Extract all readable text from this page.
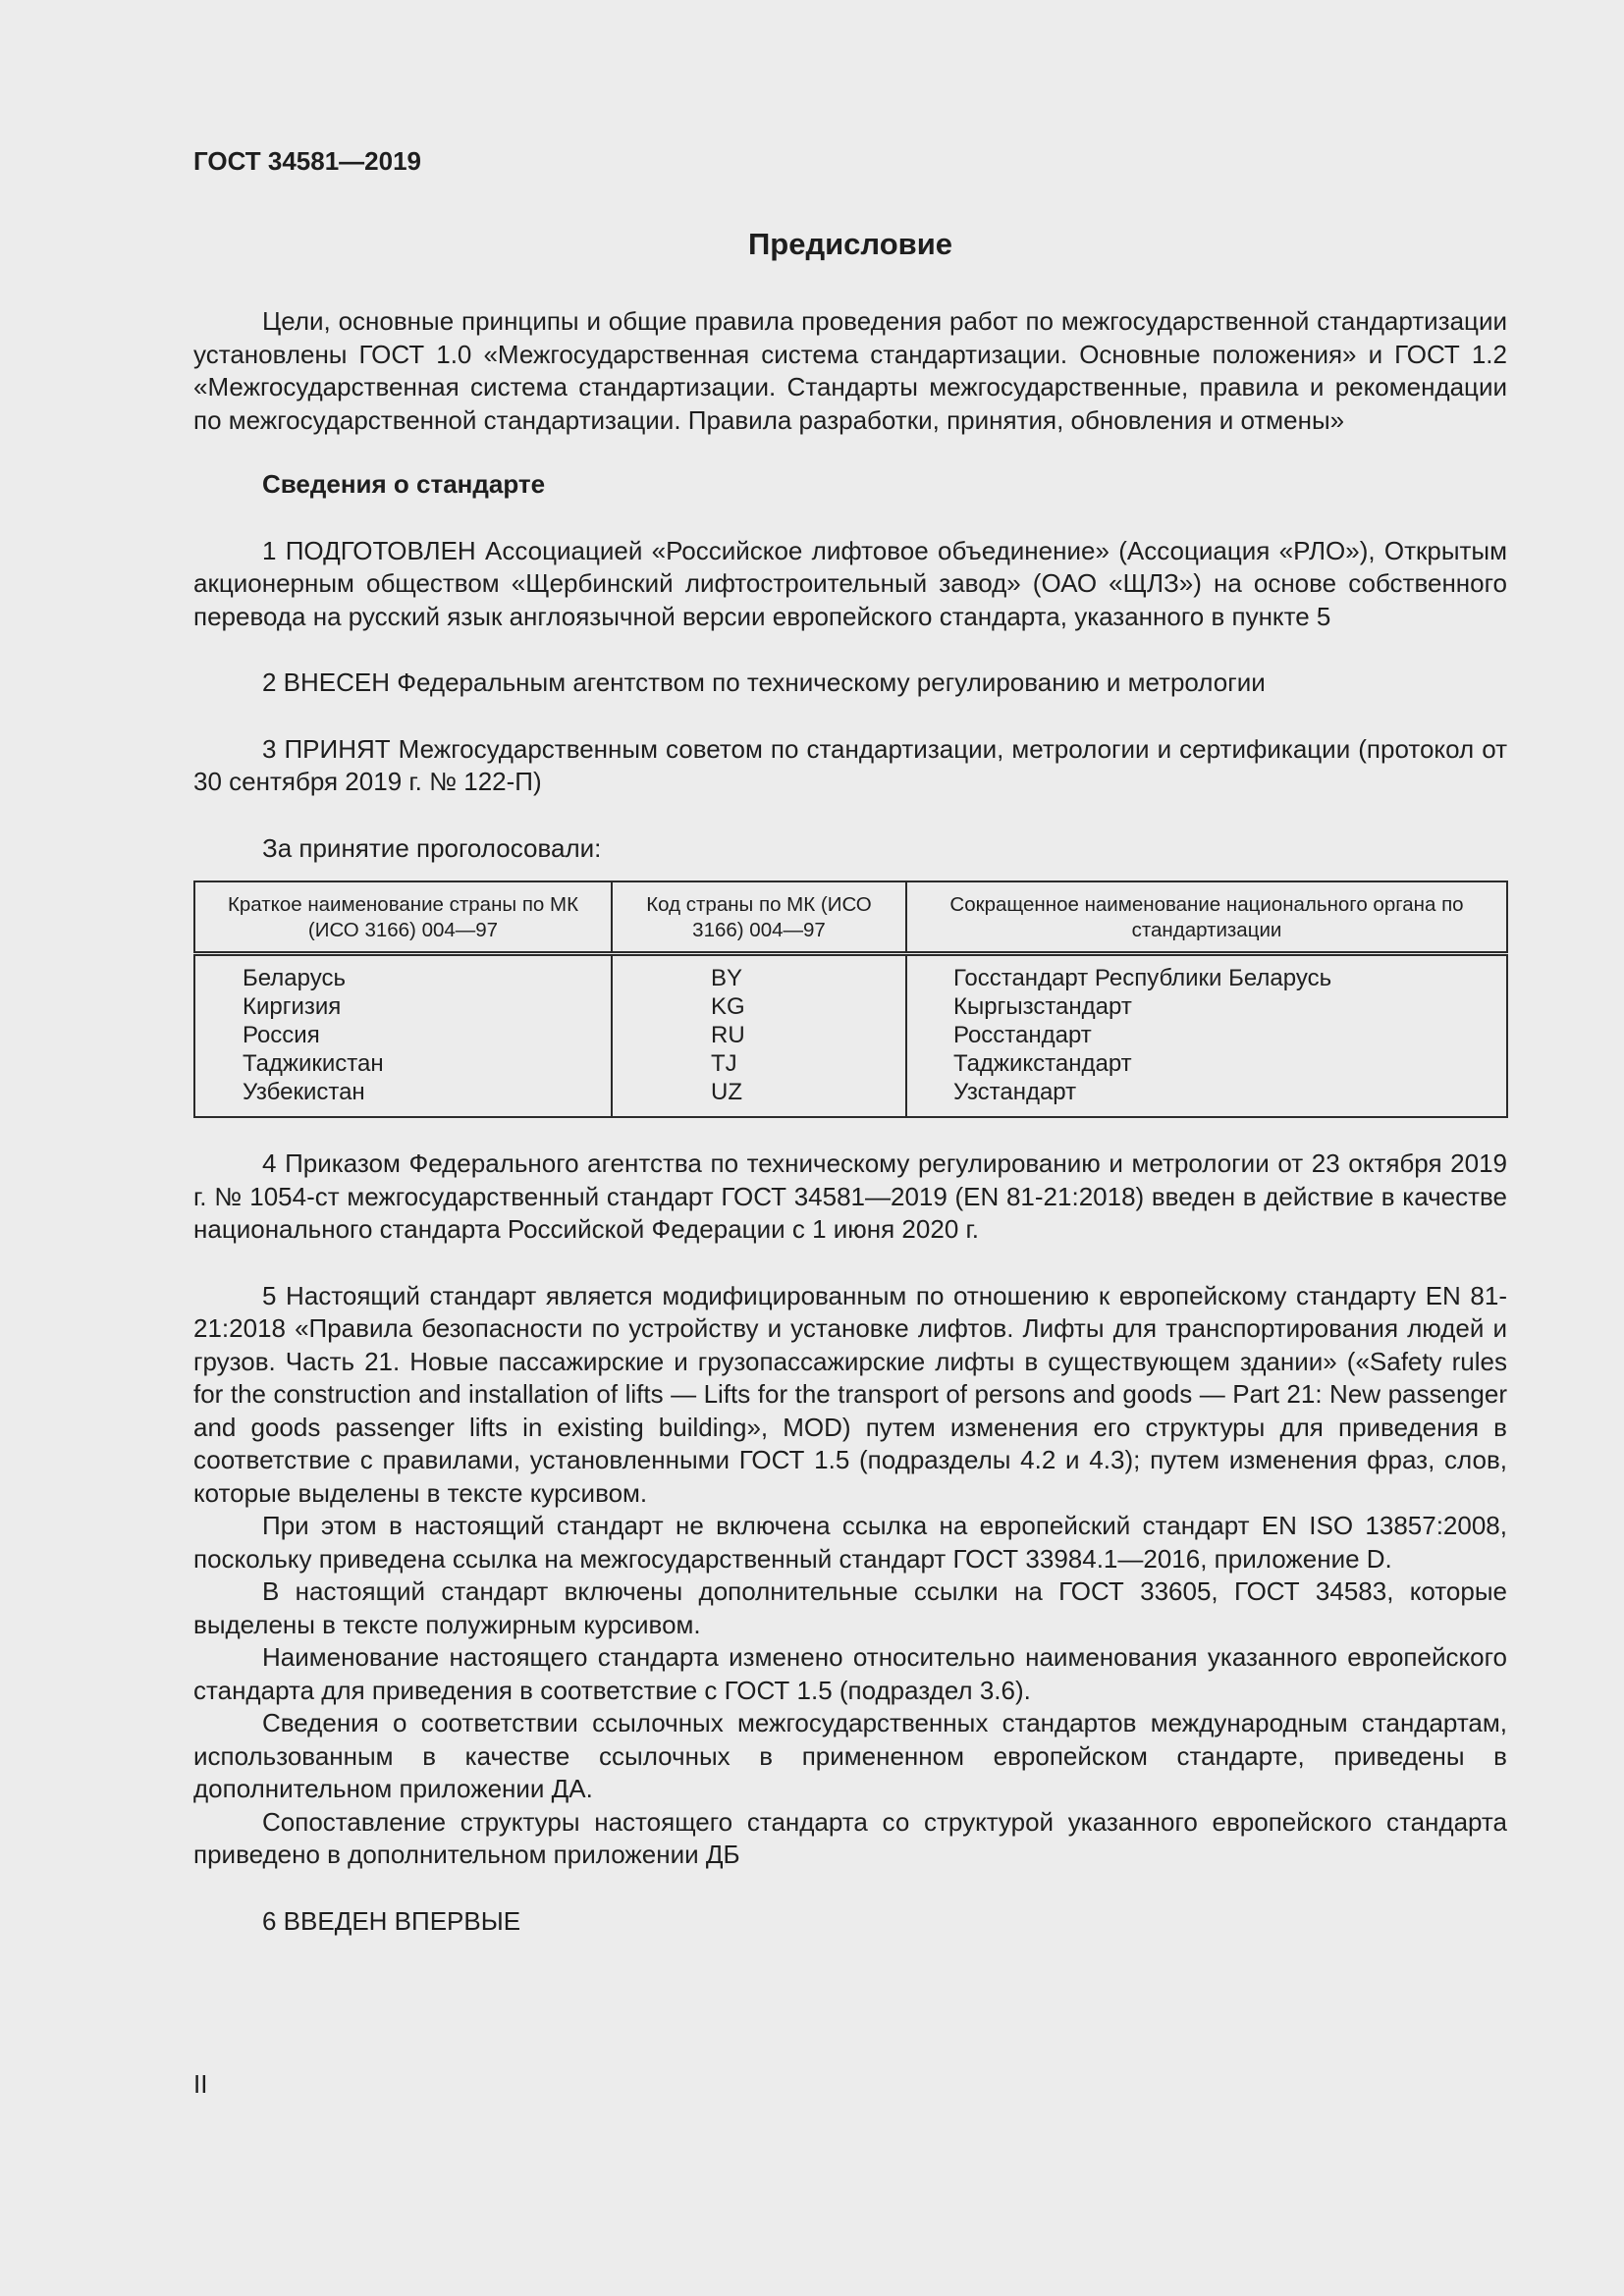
ГОСТ 34581—2019
Предисловие

Цели, основные принципы и общие правила проведения работ по межгосударственной стандартизации установлены ГОСТ 1.0 «Межгосударственная система стандартизации. Основные положения» и ГОСТ 1.2 «Межгосударственная система стандартизации. Стандарты межгосударственные, правила и рекомендации по межгосударственной стандартизации. Правила разработки, принятия, обновления и отмены»

Сведения о стандарте

1 ПОДГОТОВЛЕН Ассоциацией «Российское лифтовое объединение» (Ассоциация «РЛО»), Открытым акционерным обществом «Щербинский лифтостроительный завод» (ОАО «ЩЛЗ») на основе собственного перевода на русский язык англоязычной версии европейского стандарта, указанного в пункте 5

2 ВНЕСЕН Федеральным агентством по техническому регулированию и метрологии

3 ПРИНЯТ Межгосударственным советом по стандартизации, метрологии и сертификации (протокол от 30 сентября 2019 г. № 122-П)

За принятие проголосовали:

Краткое наименование страны по МК (ИСО 3166) 004—97	Код страны по МК (ИСО 3166) 004—97	Сокращенное наименование национального органа по стандартизации
Беларусь	BY	Госстандарт Республики Беларусь
Киргизия	KG	Кыргызстандарт
Россия	RU	Росстандарт
Таджикистан	TJ	Таджикстандарт
Узбекистан	UZ	Узстандарт

4 Приказом Федерального агентства по техническому регулированию и метрологии от 23 октября 2019 г. № 1054-ст межгосударственный стандарт ГОСТ 34581—2019 (EN 81-21:2018) введен в действие в качестве национального стандарта Российской Федерации с 1 июня 2020 г.

5 Настоящий стандарт является модифицированным по отношению к европейскому стандарту EN 81-21:2018 «Правила безопасности по устройству и установке лифтов. Лифты для транспортирования людей и грузов. Часть 21. Новые пассажирские и грузопассажирские лифты в существующем здании» («Safety rules for the construction and installation of lifts — Lifts for the transport of persons and goods — Part 21: New passenger and goods passenger lifts in existing building», MOD) путем изменения его структуры для приведения в соответствие с правилами, установленными ГОСТ 1.5 (подразделы 4.2 и 4.3); путем изменения фраз, слов, которые выделены в тексте курсивом.

При этом в настоящий стандарт не включена ссылка на европейский стандарт EN ISO 13857:2008, поскольку приведена ссылка на межгосударственный стандарт ГОСТ 33984.1—2016, приложение D.

В настоящий стандарт включены дополнительные ссылки на ГОСТ 33605, ГОСТ 34583, которые выделены в тексте полужирным курсивом.

Наименование настоящего стандарта изменено относительно наименования указанного европейского стандарта для приведения в соответствие с ГОСТ 1.5 (подраздел 3.6).

Сведения о соответствии ссылочных межгосударственных стандартов международным стандартам, использованным в качестве ссылочных в примененном европейском стандарте, приведены в дополнительном приложении ДА.

Сопоставление структуры настоящего стандарта со структурой указанного европейского стандарта приведено в дополнительном приложении ДБ

6 ВВЕДЕН ВПЕРВЫЕ

II
